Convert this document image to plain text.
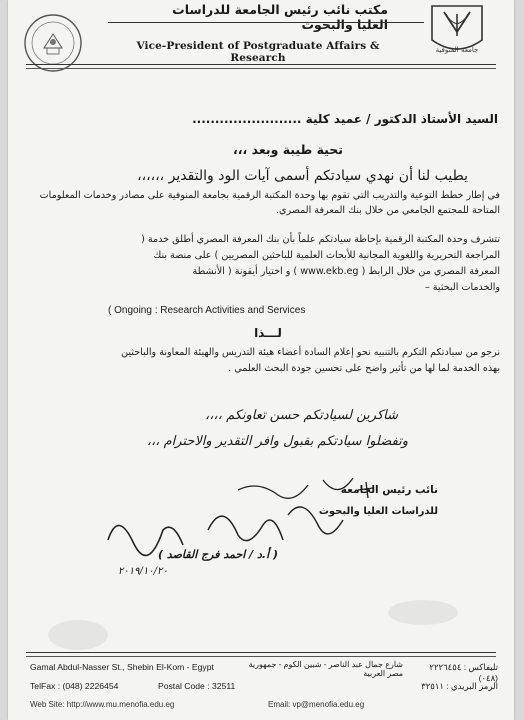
جامعة المنوفية
مكتب نائب رئيس الجامعة للدراسات العليا والبحوث
Vice-President of Postgraduate Affairs & Research
السيد الأستاذ الدكتور / عميد كلية ........................
تحية طيبة وبعد ،،،
يطيب لنا أن نهدي سيادتكم أسمى آيات الود والتقدير ،،،،،،
في إطار خطط التوعية والتدريب التي تقوم بها وحدة المكتبة الرقمية بجامعة المنوفية على مصادر وخدمات المعلومات المتاحة للمجتمع الجامعي من خلال بنك المعرفة المصري.
تتشرف وحدة المكتبة الرقمية بإحاطة سيادتكم علماً بأن بنك المعرفة المصري أطلق خدمة (
المراجعة التحريرية واللغوية المجانية للأبحاث العلمية للباحثين المصريين ) على منصة بنك
المعرفة المصري من خلال الرابط ( www.ekb.eg ) و اختيار أيقونة ( الأنشطة
والخدمات البحثية –
( Ongoing : Research Activities and Services
لـــذا
نرجو من سيادتكم التكرم بالتنبيه نحو إعلام السادة أعضاء هيئة التدريس والهيئة المعاونة والباحثين
بهذه الخدمة لما لها من تأثير واضح على تحسين جودة البحث العلمي .
شاكرين لسيادتكم حسن تعاونكم ،،،،
وتفضلوا سيادتكم بقبول وافر التقدير والاحترام ،،،
نائب رئيس الجامعة
للدراسات العليا والبحوث
( أ.د / احمد فرج القاصد )
٢٠١٩/١٠/٢٠
Gamal Abdul-Nasser St., Shebin El-Kom - Egypt	شارع جمال عبد الناصر - شبين الكوم - جمهورية مصر العربية
تليفاكس : ٢٢٢٦٤٥٤ (٠٤٨)
TelFax : (048) 2226454	Postal Code : 32511	الرمز البريدي : ٣٢٥١١
Web Site: http://www.mu.menofia.edu.eg	Email: vp@menofia.edu.eg
